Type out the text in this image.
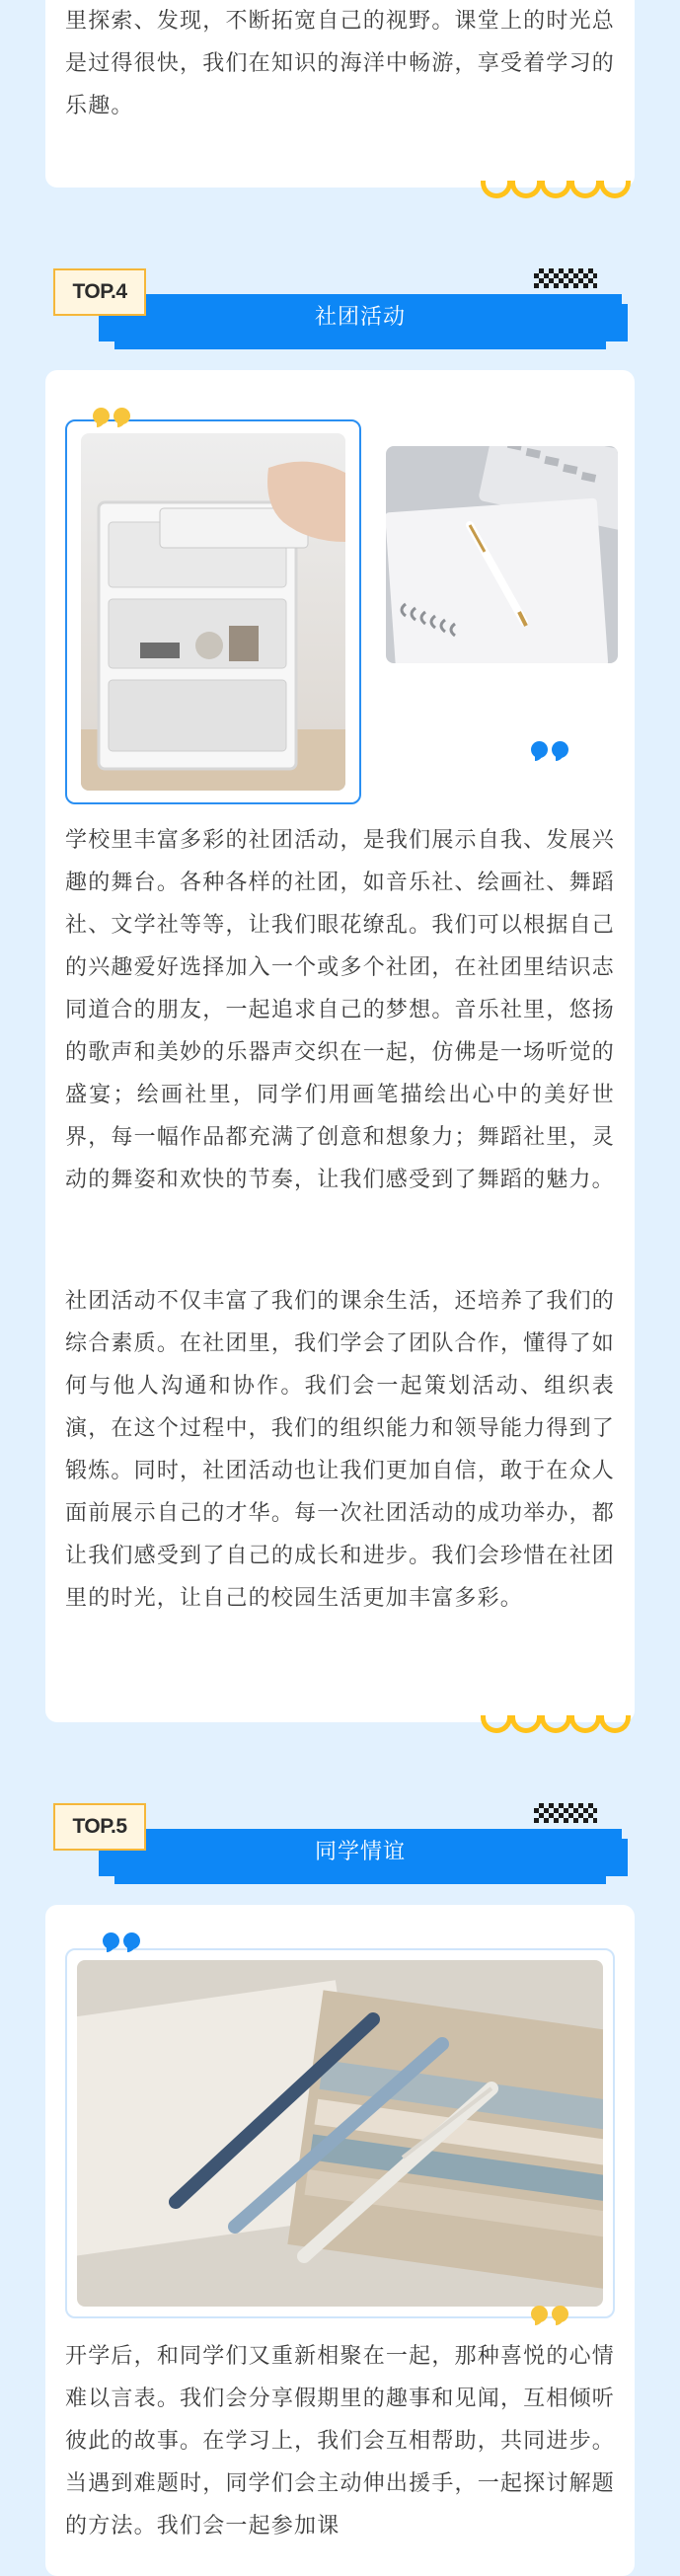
里探索、发现，不断拓宽自己的视野。课堂上的时光总是过得很快，我们在知识的海洋中畅游，享受着学习的乐趣。

社团活动
TOP.4

学校里丰富多彩的社团活动，是我们展示自我、发展兴趣的舞台。各种各样的社团，如音乐社、绘画社、舞蹈社、文学社等等，让我们眼花缭乱。我们可以根据自己的兴趣爱好选择加入一个或多个社团，在社团里结识志同道合的朋友，一起追求自己的梦想。音乐社里，悠扬的歌声和美妙的乐器声交织在一起，仿佛是一场听觉的盛宴；绘画社里，同学们用画笔描绘出心中的美好世界，每一幅作品都充满了创意和想象力；舞蹈社里，灵动的舞姿和欢快的节奏，让我们感受到了舞蹈的魅力。

社团活动不仅丰富了我们的课余生活，还培养了我们的综合素质。在社团里，我们学会了团队合作，懂得了如何与他人沟通和协作。我们会一起策划活动、组织表演，在这个过程中，我们的组织能力和领导能力得到了锻炼。同时，社团活动也让我们更加自信，敢于在众人面前展示自己的才华。每一次社团活动的成功举办，都让我们感受到了自己的成长和进步。我们会珍惜在社团里的时光，让自己的校园生活更加丰富多彩。

同学情谊
TOP.5

开学后，和同学们又重新相聚在一起，那种喜悦的心情难以言表。我们会分享假期里的趣事和见闻，互相倾听彼此的故事。在学习上，我们会互相帮助，共同进步。当遇到难题时，同学们会主动伸出援手，一起探讨解题的方法。我们会一起参加课
